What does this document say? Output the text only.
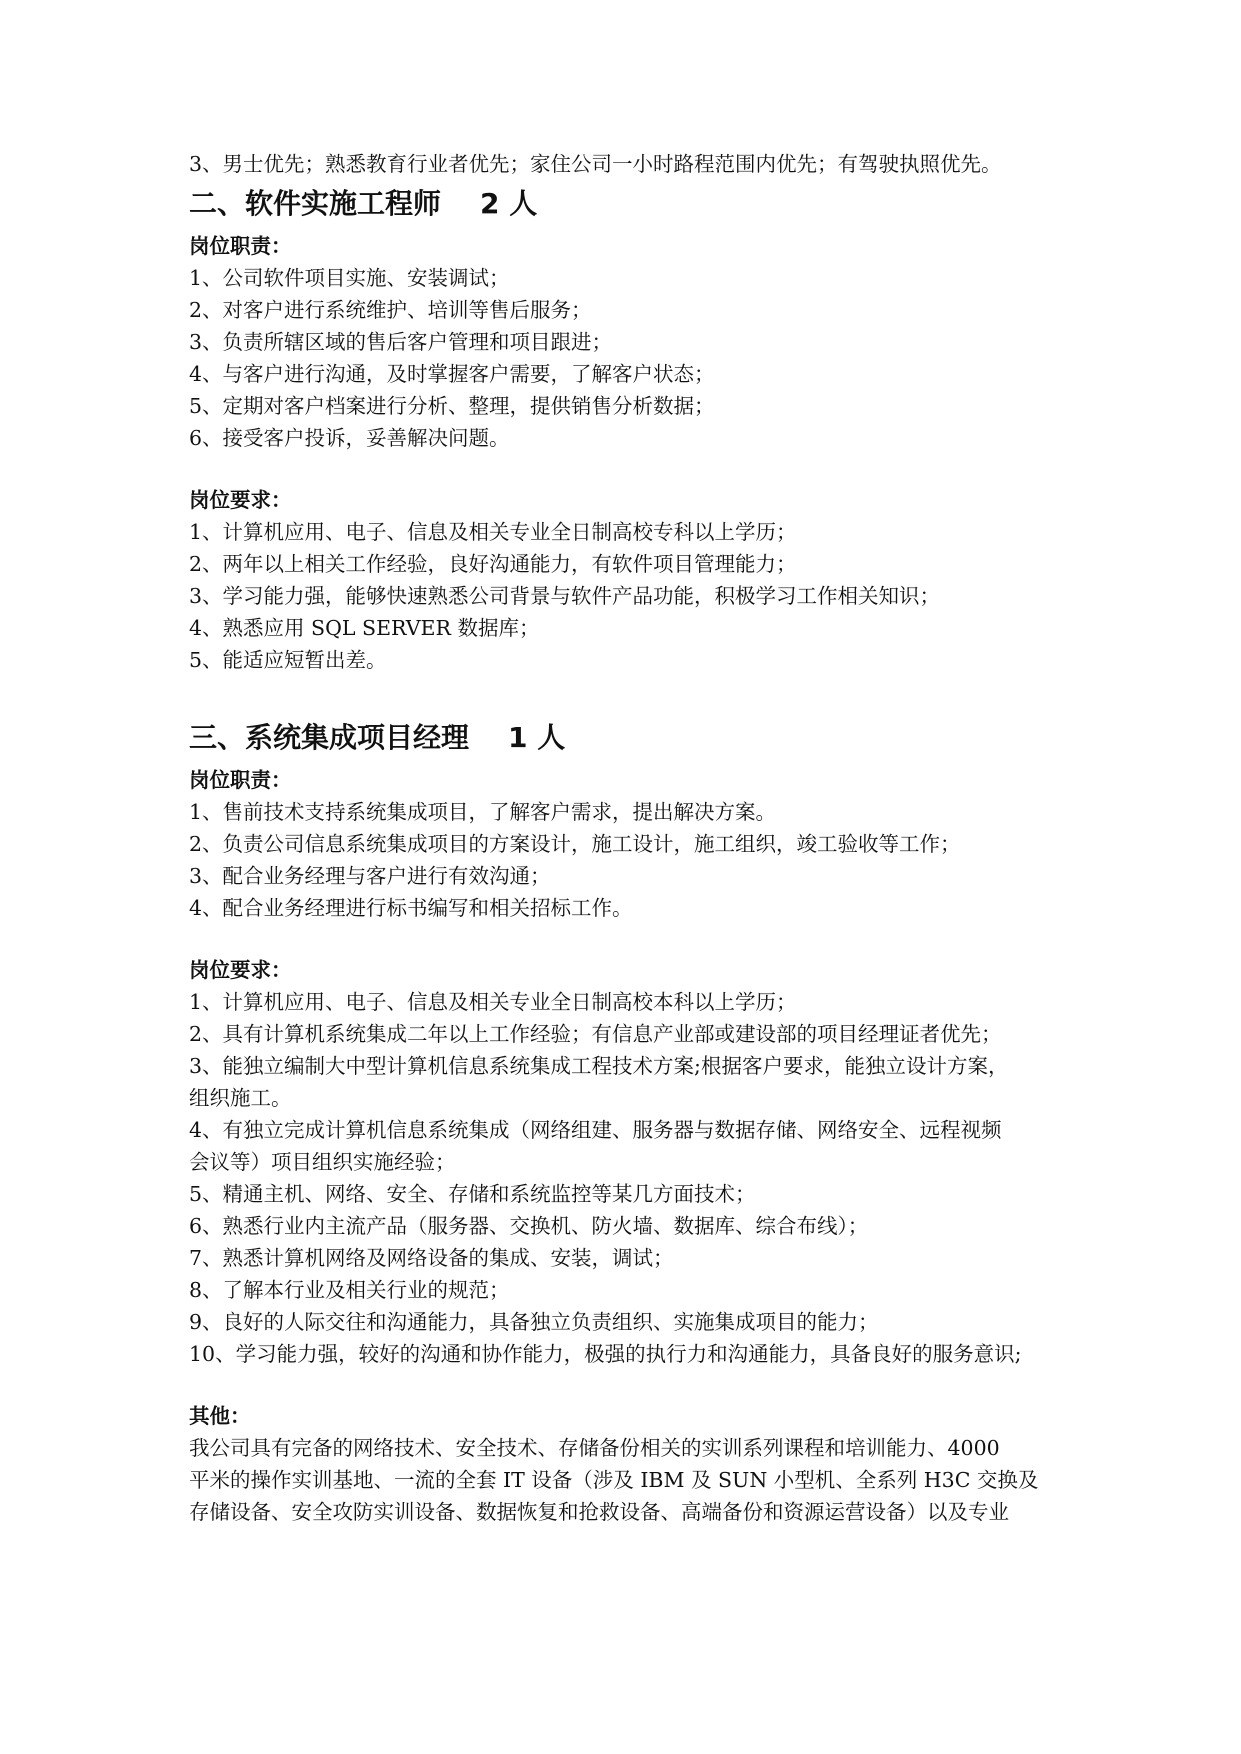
3、男士优先；熟悉教育行业者优先；家住公司一小时路程范围内优先；有驾驶执照优先。
二、软件实施工程师    2 人
岗位职责：
1、公司软件项目实施、安装调试；
2、对客户进行系统维护、培训等售后服务；
3、负责所辖区域的售后客户管理和项目跟进；
4、与客户进行沟通，及时掌握客户需要，了解客户状态；
5、定期对客户档案进行分析、整理，提供销售分析数据；
6、接受客户投诉，妥善解决问题。
岗位要求：
1、计算机应用、电子、信息及相关专业全日制高校专科以上学历；
2、两年以上相关工作经验，良好沟通能力，有软件项目管理能力；
3、学习能力强，能够快速熟悉公司背景与软件产品功能，积极学习工作相关知识；
4、熟悉应用 SQL SERVER 数据库；
5、能适应短暂出差。
三、系统集成项目经理    1 人
岗位职责：
1、售前技术支持系统集成项目，了解客户需求，提出解决方案。
2、负责公司信息系统集成项目的方案设计，施工设计，施工组织，竣工验收等工作；
3、配合业务经理与客户进行有效沟通；
4、配合业务经理进行标书编写和相关招标工作。
岗位要求：
1、计算机应用、电子、信息及相关专业全日制高校本科以上学历；
2、具有计算机系统集成二年以上工作经验；有信息产业部或建设部的项目经理证者优先；
3、能独立编制大中型计算机信息系统集成工程技术方案;根据客户要求，能独立设计方案，
组织施工。
4、有独立完成计算机信息系统集成（网络组建、服务器与数据存储、网络安全、远程视频
会议等）项目组织实施经验；
5、精通主机、网络、安全、存储和系统监控等某几方面技术；
6、熟悉行业内主流产品（服务器、交换机、防火墙、数据库、综合布线）；
7、熟悉计算机网络及网络设备的集成、安装，调试；
8、了解本行业及相关行业的规范；
9、良好的人际交往和沟通能力，具备独立负责组织、实施集成项目的能力；
10、学习能力强，较好的沟通和协作能力，极强的执行力和沟通能力，具备良好的服务意识;
其他：
我公司具有完备的网络技术、安全技术、存储备份相关的实训系列课程和培训能力、4000
平米的操作实训基地、一流的全套 IT 设备（涉及 IBM 及 SUN 小型机、全系列 H3C 交换及
存储设备、安全攻防实训设备、数据恢复和抢救设备、高端备份和资源运营设备）以及专业
